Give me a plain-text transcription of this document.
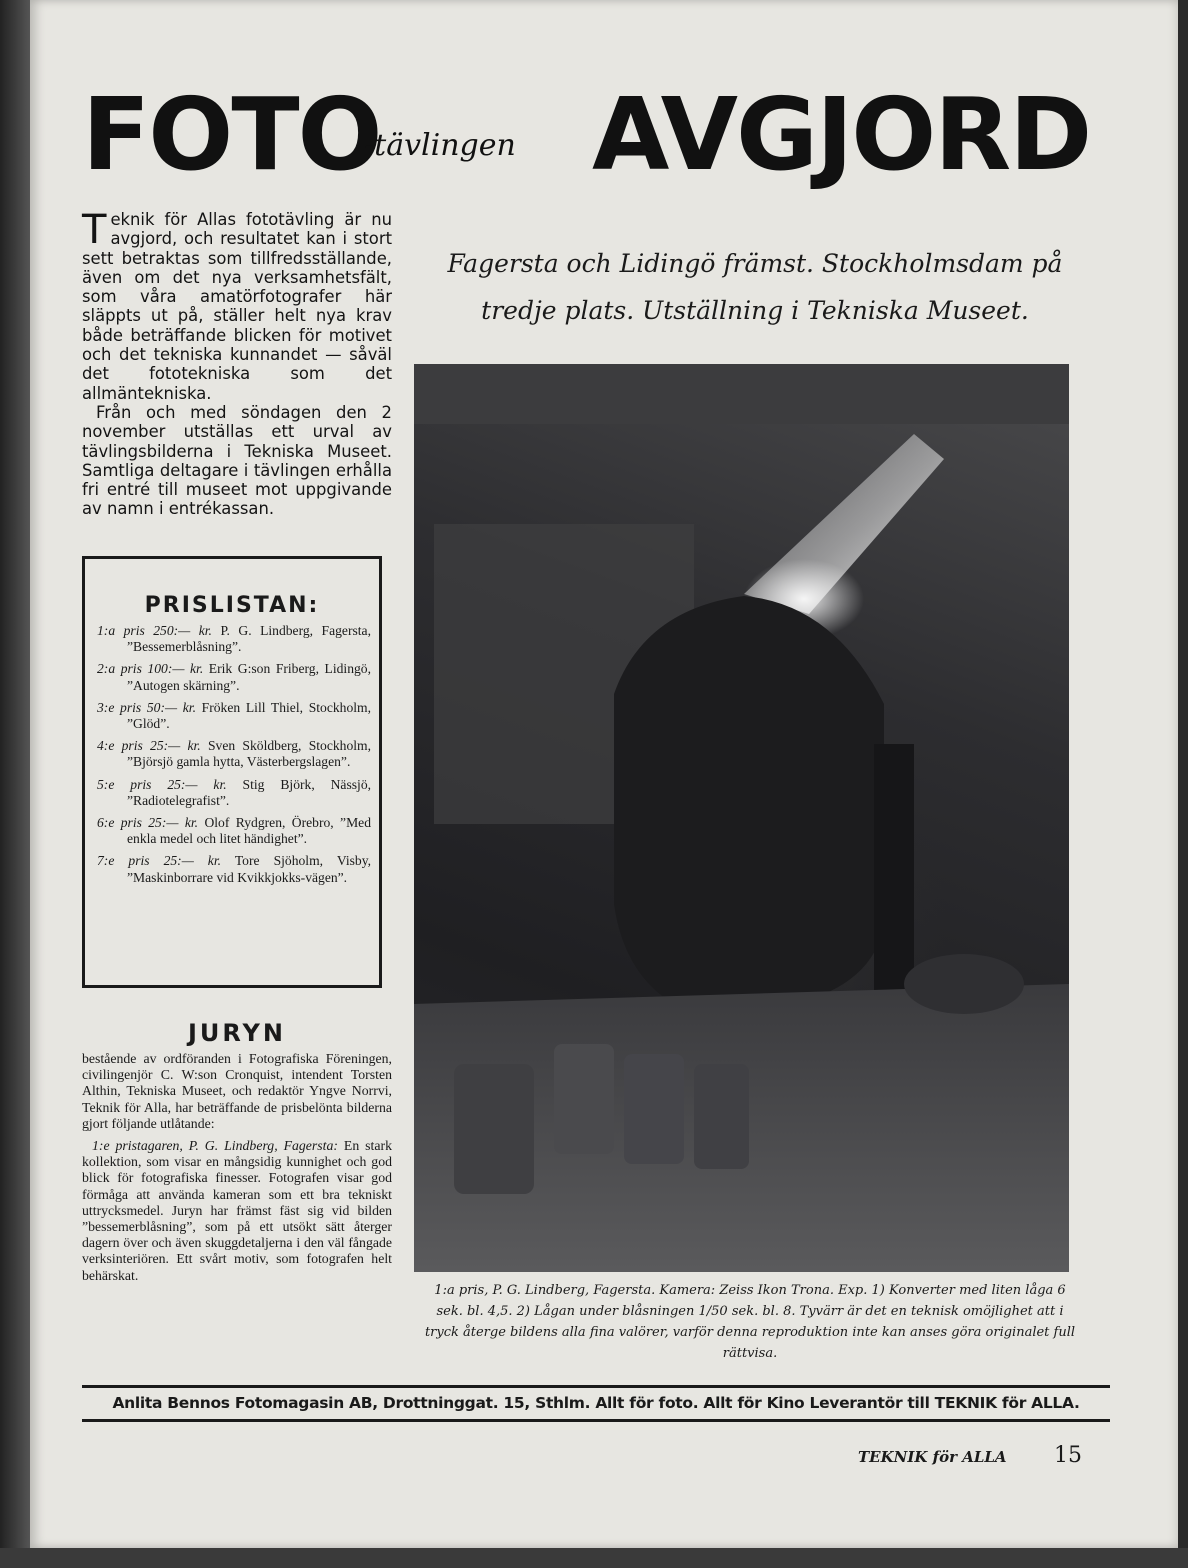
FOTO
-tävlingen AVGJORD

Teknik för Allas fototävling är nu avgjord, och resultatet kan i stort sett betraktas som tillfredsställande, även om det nya verksamhetsfält, som våra amatörfotografer här släppts ut på, ställer helt nya krav både beträffande blicken för motivet och det tekniska kunnandet — såväl det fototekniska som det allmäntekniska.

Från och med söndagen den 2 november utställas ett urval av tävlingsbilderna i Tekniska Museet. Samtliga deltagare i tävlingen erhålla fri entré till museet mot uppgivande av namn i entrékassan.

Fagersta och Lidingö främst. Stockholmsdam på
tredje plats. Utställning i Tekniska Museet.
1:a pris, P. G. Lindberg, Fagersta. Kamera: Zeiss Ikon Trona. Exp. 1) Konverter med liten låga 6 sek. bl. 4,5. 2) Lågan under blåsningen 1/50 sek. bl. 8. Tyvärr är det en teknisk omöjlighet att i tryck återge bildens alla fina valörer, varför denna reproduktion inte kan anses göra originalet full rättvisa.
PRISLISTAN:
1:a pris 250:— kr. P. G. Lindberg, Fagersta, ”Bessemerblåsning”.
2:a pris 100:— kr. Erik G:son Friberg, Lidingö, ”Autogen skärning”.
3:e pris 50:— kr. Fröken Lill Thiel, Stockholm, ”Glöd”.
4:e pris 25:— kr. Sven Sköldberg, Stockholm, ”Björsjö gamla hytta, Västerbergslagen”.
5:e pris 25:— kr. Stig Björk, Nässjö, ”Radiotelegrafist”.
6:e pris 25:— kr. Olof Rydgren, Örebro, ”Med enkla medel och litet händighet”.
7:e pris 25:— kr. Tore Sjöholm, Visby, ”Maskinborrare vid Kvikkjokks-vägen”.
JURYN

bestående av ordföranden i Fotografiska Föreningen, civilingenjör C. W:son Cronquist, intendent Torsten Althin, Tekniska Museet, och redaktör Yngve Norrvi, Teknik för Alla, har beträffande de prisbelönta bilderna gjort följande utlåtande:

1:e pristagaren, P. G. Lindberg, Fagersta: En stark kollektion, som visar en mångsidig kunnighet och god blick för fotografiska finesser. Fotografen visar god förmåga att använda kameran som ett bra tekniskt uttrycksmedel. Juryn har främst fäst sig vid bilden ”bessemerblåsning”, som på ett utsökt sätt återger dagern över och även skuggdetaljerna i den väl fångade verksinteriören. Ett svårt motiv, som fotografen helt behärskat.

Anlita Bennos Fotomagasin AB, Drottninggat. 15, Sthlm. Allt för foto. Allt för Kino Leverantör till TEKNIK för ALLA.
TEKNIK för ALLA 15
